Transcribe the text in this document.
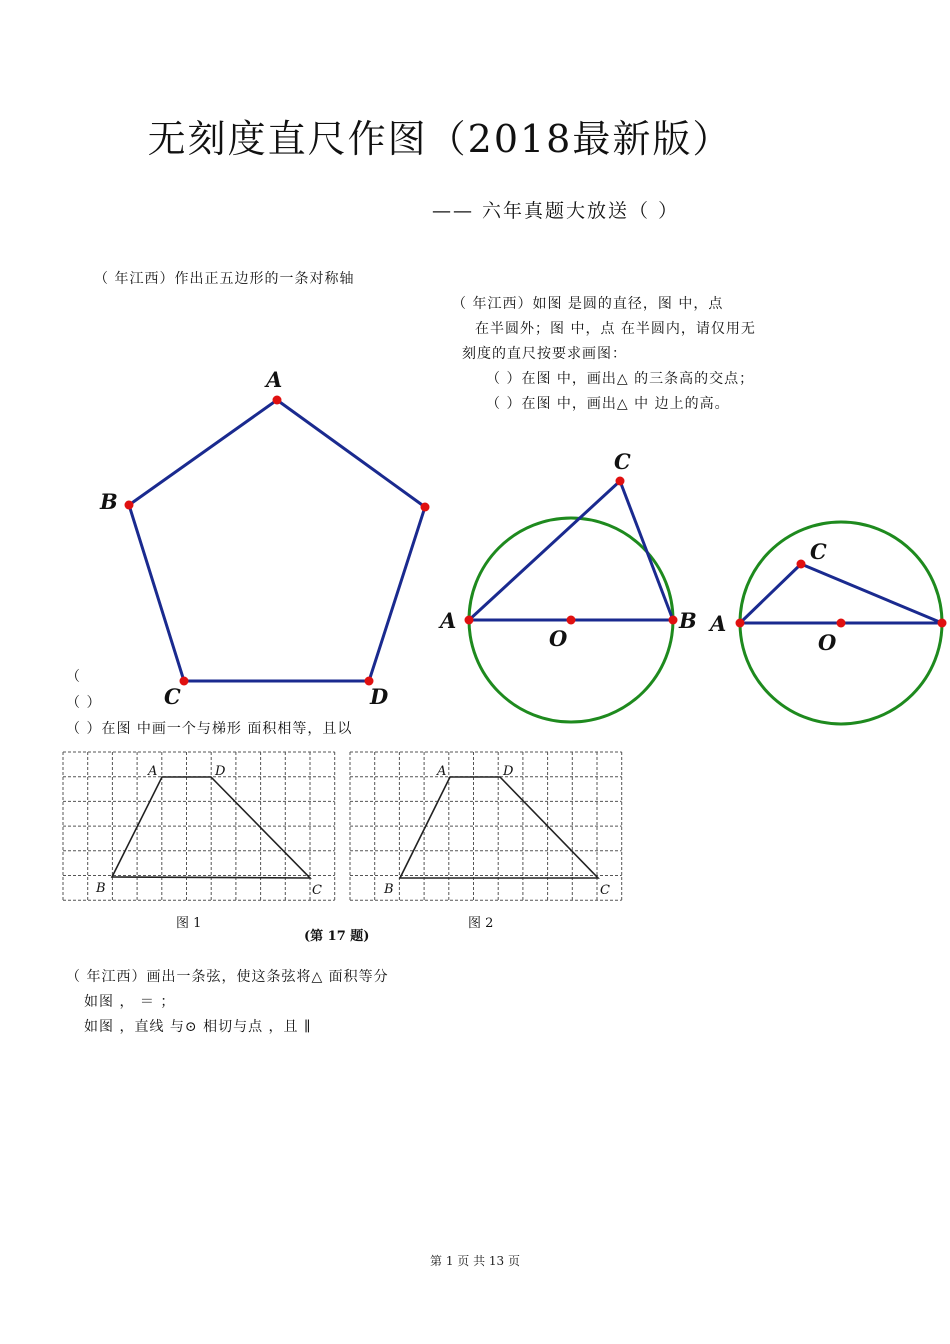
无刻度直尺作图（2018最新版）
—— 六年真题大放送（ ）
（ 年江西）作出正五边形的一条对称轴
（ 年江西）如图 是圆的直径，图 中，点
在半圆外；图 中，点 在半圆内，请仅用无
刻度的直尺按要求画图：
（ ）在图 中，画出△ 的三条高的交点；
（ ）在图 中，画出△ 中 边上的高。
（
（ ）
（ ）在图 中画一个与梯形 面积相等，且以
（ 年江西）画出一条弦，使这条弦将△ 面积等分
如图 ， ＝ ；
如图 ，直线 与⊙ 相切与点 ，且 ∥
第 1 页 共 13 页
A
B
C	D
A	B
C
O
A
C
O
A	D
B	C
图 1
A	D
B	C
图 2
(第 17 题)
